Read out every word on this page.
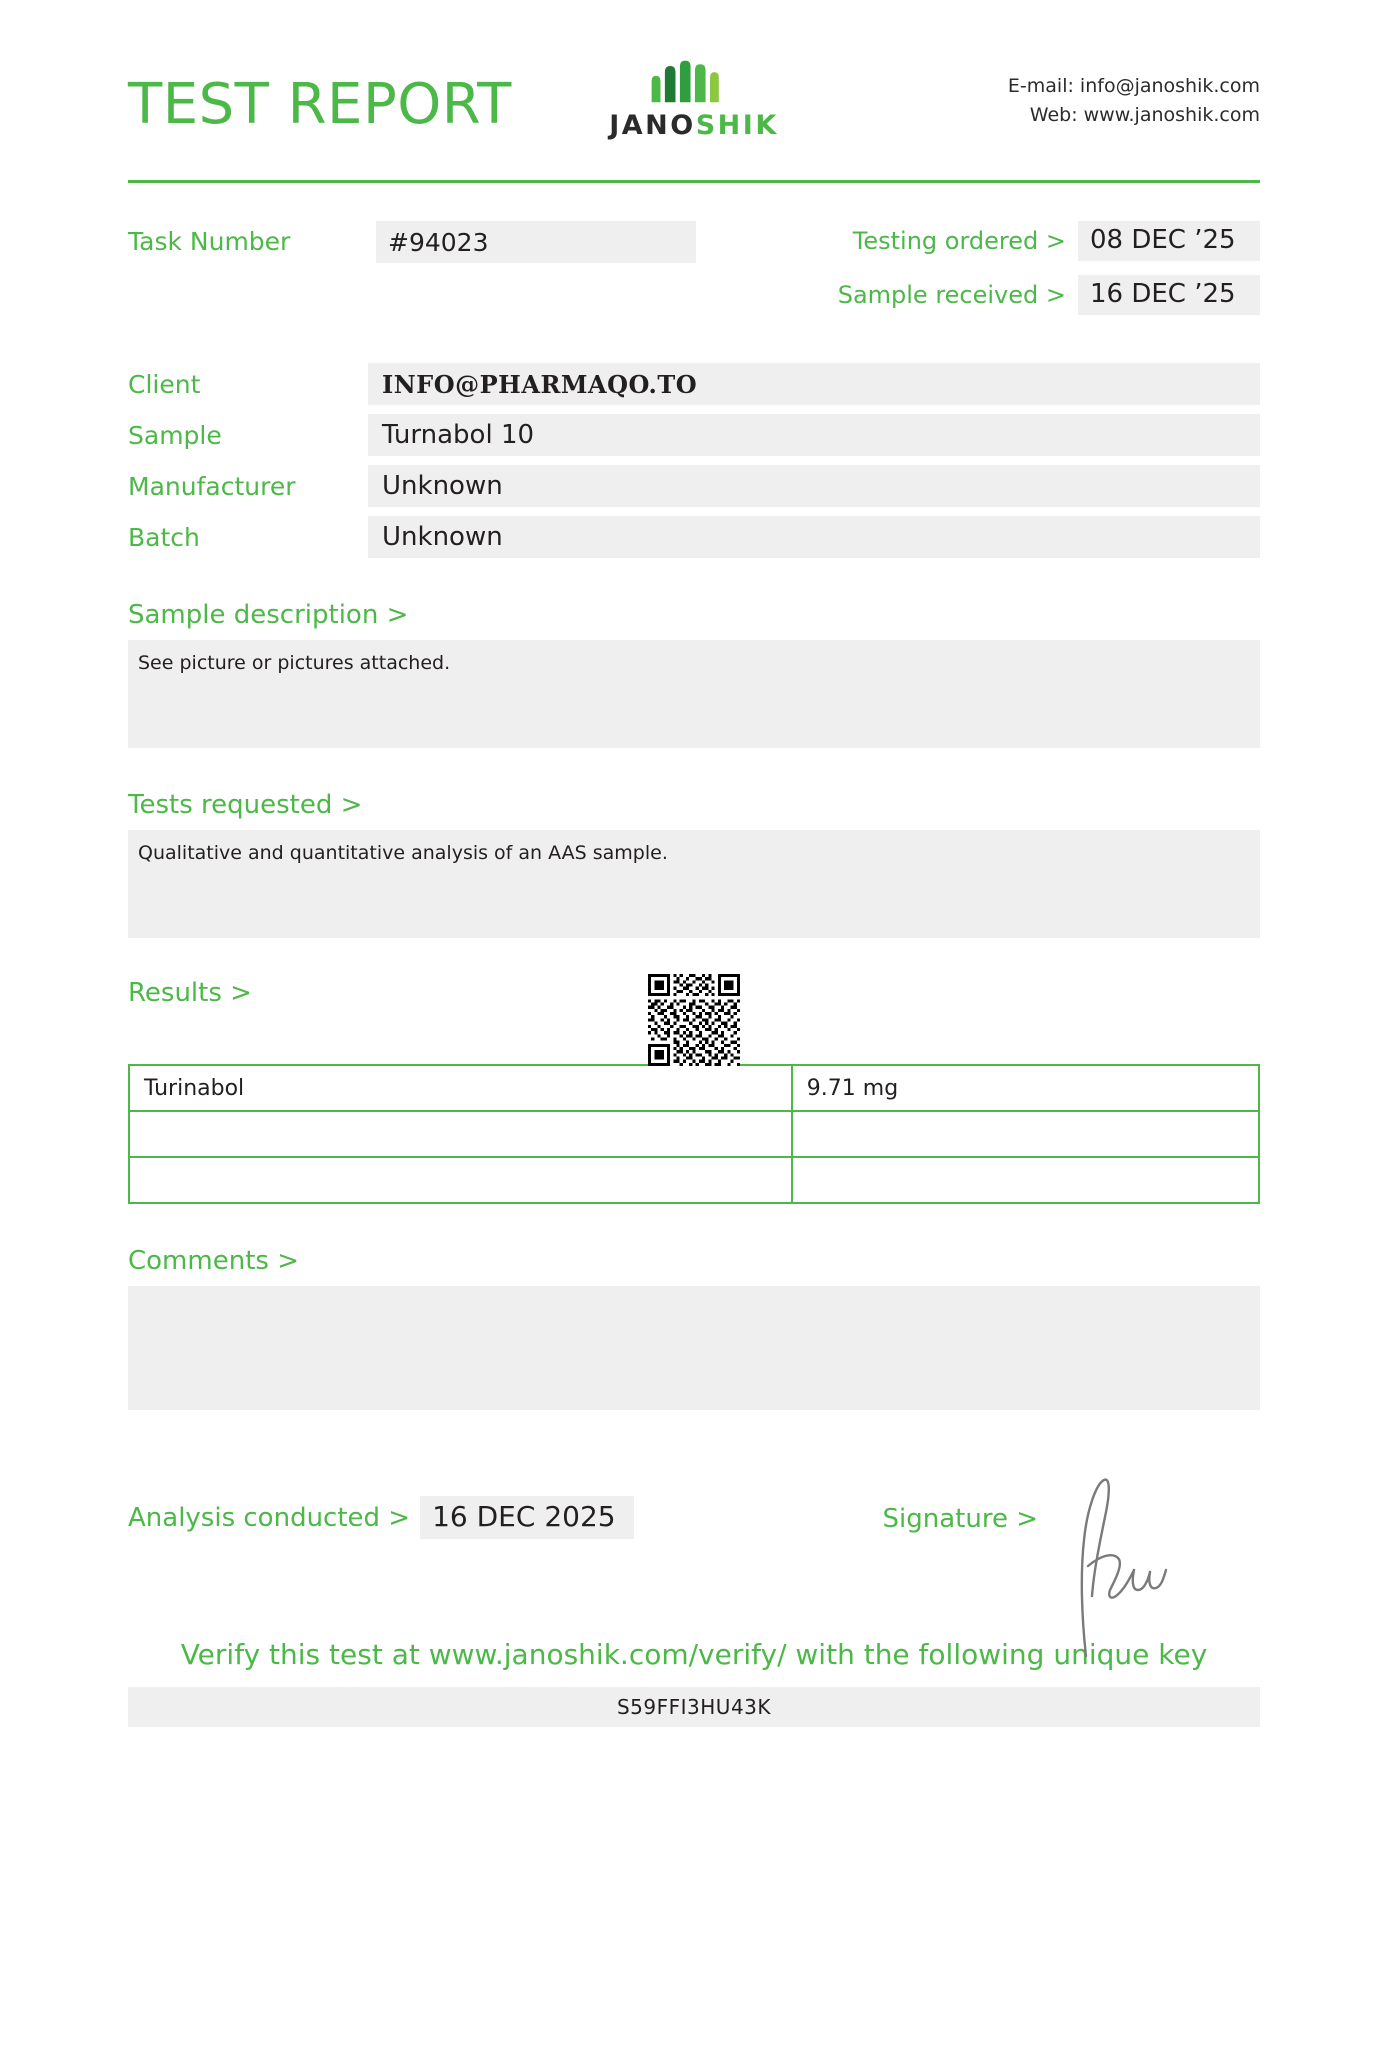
TEST REPORT	JANOSHIK
E-mail: info@janoshik.com
Web: www.janoshik.com
Task Number	#94023	Testing ordered > 08 DEC ’25
Sample received > 16 DEC ’25
Client	INFO@PHARMAQO.TO
Sample	Turnabol 10
Manufacturer	Unknown
Batch	Unknown
Sample description >
See picture or pictures attached.
Tests requested >
Qualitative and quantitative analysis of an AAS sample.
Results >
Turinabol	9.71 mg

Comments >
Analysis conducted > 16 DEC 2025	Signature >
Verify this test at www.janoshik.com/verify/ with the following unique key
S59FFI3HU43K
